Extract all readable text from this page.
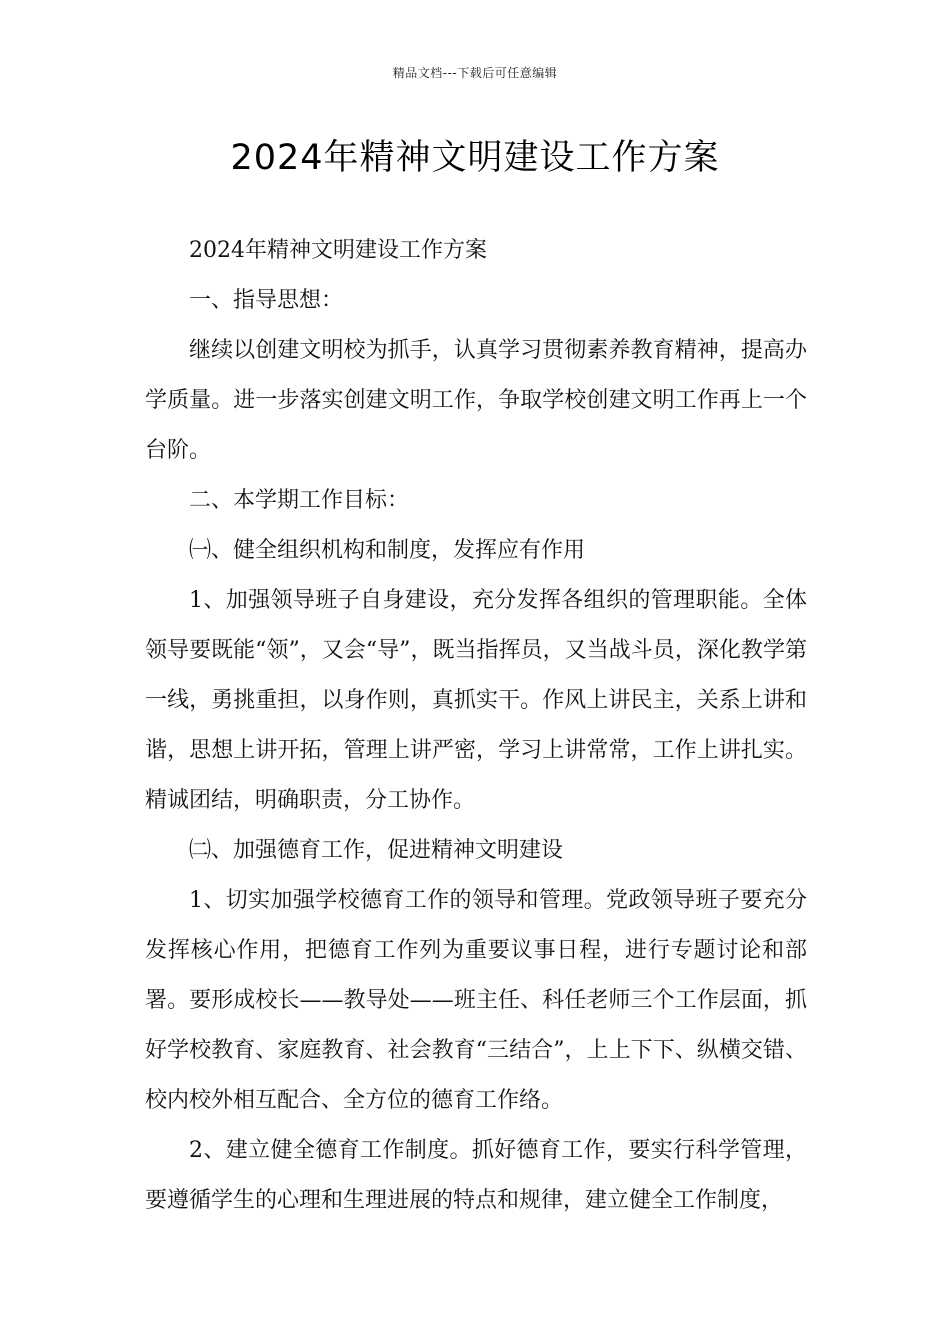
精品文档---下载后可任意编辑
2024年精神文明建设工作方案

2024年精神文明建设工作方案

一、指导思想：

继续以创建文明校为抓手，认真学习贯彻素养教育精神，提高办学质量。进一步落实创建文明工作，争取学校创建文明工作再上一个台阶。

二、本学期工作目标：

㈠、健全组织机构和制度，发挥应有作用

1、加强领导班子自身建设，充分发挥各组织的管理职能。全体领导要既能“领”，又会“导”，既当指挥员，又当战斗员，深化教学第一线，勇挑重担，以身作则，真抓实干。作风上讲民主，关系上讲和谐，思想上讲开拓，管理上讲严密，学习上讲常常，工作上讲扎实。精诚团结，明确职责，分工协作。

㈡、加强德育工作，促进精神文明建设

1、切实加强学校德育工作的领导和管理。党政领导班子要充分发挥核心作用，把德育工作列为重要议事日程，进行专题讨论和部署。要形成校长——教导处——班主任、科任老师三个工作层面，抓好学校教育、家庭教育、社会教育“三结合”，上上下下、纵横交错、校内校外相互配合、全方位的德育工作络。

2、建立健全德育工作制度。抓好德育工作，要实行科学管理，要遵循学生的心理和生理进展的特点和规律，建立健全工作制度，
